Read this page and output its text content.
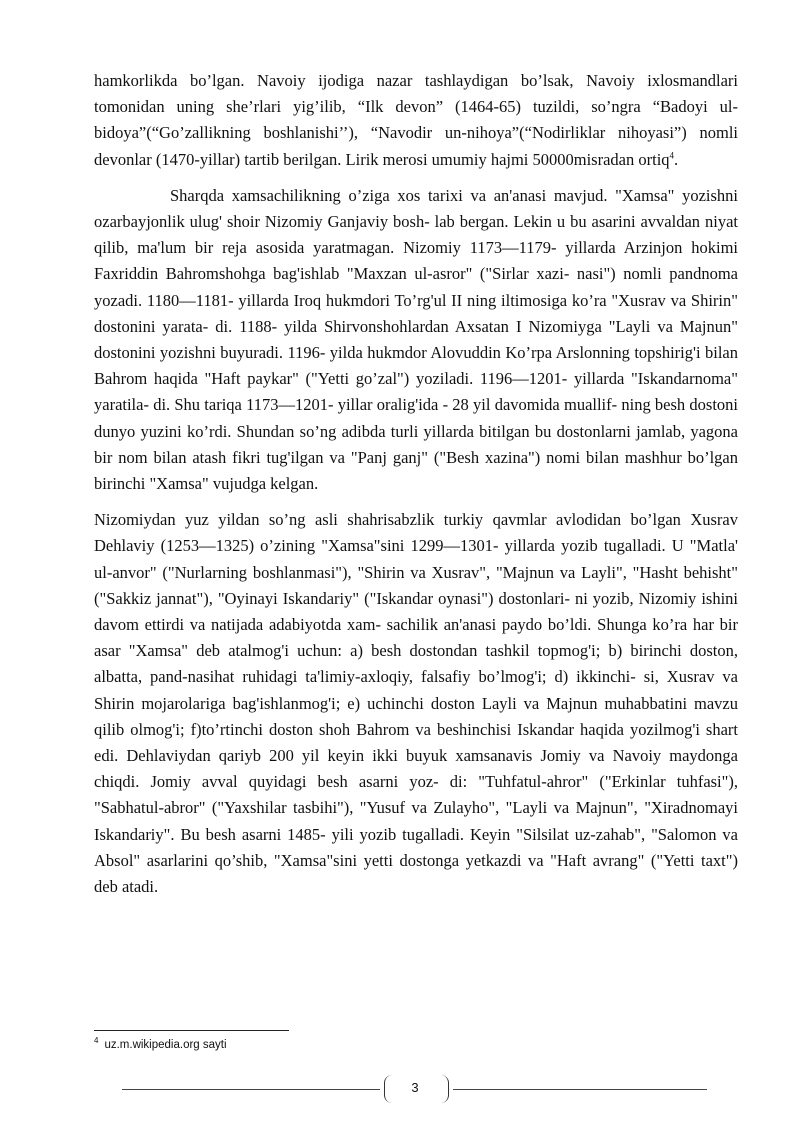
hamkorlikda bo’lgan. Navoiy ijodiga nazar tashlaydigan bo’lsak, Navoiy ixlosmandlari tomonidan uning she’rlari yig’ilib, “Ilk devon” (1464-65) tuzildi, so’ngra “Badoyi ul-bidoya”(“Go’zallikning boshlanishi’’), “Navodir un-nihoya”(“Nodirliklar nihoyasi”) nomli devonlar (1470-yillar) tartib berilgan. Lirik merosi umumiy hajmi 50000misradan ortiq$^4$.

Sharqda xamsachilikning o’ziga xos tarixi va an'anasi mavjud. "Xamsa" yozishni ozarbayjonlik ulug' shoir Nizomiy Ganjaviy bosh- lab bergan. Lekin u bu asarini avvaldan niyat qilib, ma'lum bir reja asosida yaratmagan. Nizomiy 1173—1179- yillarda Arzinjon hokimi Faxriddin Bahromshohga bag'ishlab "Maxzan ul-asror" ("Sirlar xazi- nasi") nomli pandnoma yozadi. 1180—1181- yillarda Iroq hukmdori To’rg'ul II ning iltimosiga ko’ra "Xusrav va Shirin" dostonini yarata- di. 1188- yilda Shirvonshohlardan Axsatan I Nizomiyga "Layli va Majnun" dostonini yozishni buyuradi. 1196- yilda hukmdor Alovuddin Ko’rpa Arslonning topshirig'i bilan Bahrom haqida "Haft paykar" ("Yetti go’zal") yoziladi. 1196—1201- yillarda "Iskandarnoma" yaratila- di. Shu tariqa 1173—1201- yillar oralig'ida - 28 yil davomida muallif- ning besh dostoni dunyo yuzini ko’rdi. Shundan so’ng adibda turli yillarda bitilgan bu dostonlarni jamlab, yagona bir nom bilan atash fikri tug'ilgan va "Panj ganj" ("Besh xazina") nomi bilan mashhur bo’lgan birinchi "Xamsa" vujudga kelgan.

Nizomiydan yuz yildan so’ng asli shahrisabzlik turkiy qavmlar avlodidan bo’lgan Xusrav Dehlaviy (1253—1325) o’zining "Xamsa"sini 1299—1301- yillarda yozib tugalladi. U "Matla' ul-anvor" ("Nurlarning boshlanmasi"), "Shirin va Xusrav", "Majnun va Layli", "Hasht behisht" ("Sakkiz jannat"), "Oyinayi Iskandariy" ("Iskandar oynasi") dostonlari- ni yozib, Nizomiy ishini davom ettirdi va natijada adabiyotda xam- sachilik an'anasi paydo bo’ldi. Shunga ko’ra har bir asar "Xamsa" deb atalmog'i uchun: a) besh dostondan tashkil topmog'i; b) birinchi doston, albatta, pand-nasihat ruhidagi ta'limiy-axloqiy, falsafiy bo’lmog'i; d) ikkinchi- si, Xusrav va Shirin mojarolariga bag'ishlanmog'i; e) uchinchi doston Layli va Majnun muhabbatini mavzu qilib olmog'i; f)to’rtinchi doston shoh Bahrom va beshinchisi Iskandar haqida yozilmog'i shart edi. Dehlaviydan qariyb 200 yil keyin ikki buyuk xamsanavis Jomiy va Navoiy maydonga chiqdi. Jomiy avval quyidagi besh asarni yoz- di: "Tuhfatul-ahror" ("Erkinlar tuhfasi"), "Sabhatul-abror" ("Yaxshilar tasbihi"), "Yusuf va Zulayho", "Layli va Majnun", "Xiradnomayi Iskandariy". Bu besh asarni 1485- yili yozib tugalladi. Keyin "Silsilat uz-zahab", "Salomon va Absol" asarlarini qo’shib, "Xamsa"sini yetti dostonga yetkazdi va "Haft avrang" ("Yetti taxt") deb atadi.

$^4$ uz.m.wikipedia.org sayti
3
